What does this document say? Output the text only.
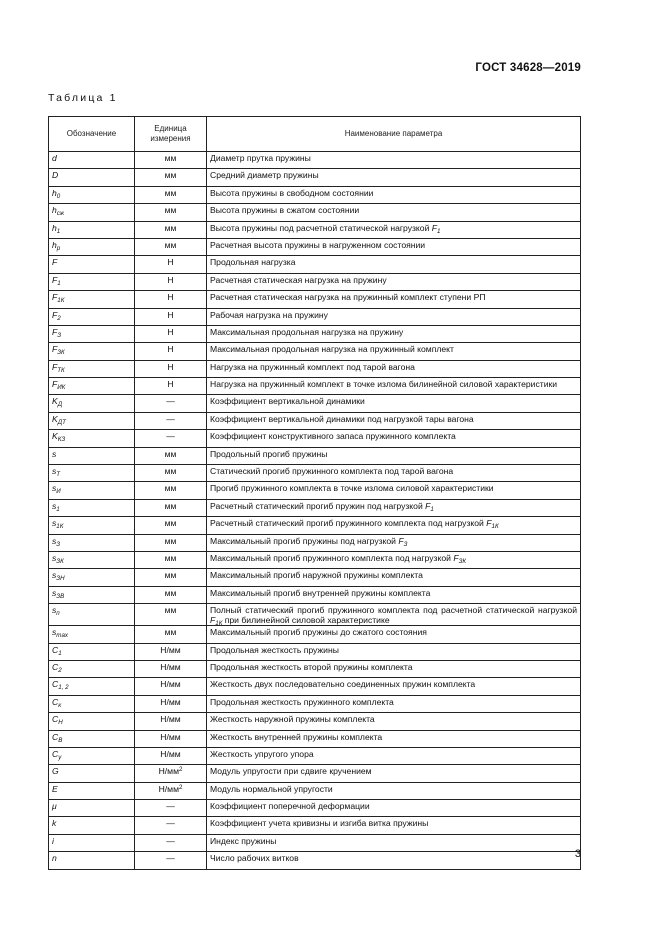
ГОСТ 34628—2019
Таблица 1
Обозначение	Единица измерения	Наименование параметра
d	мм	Диаметр прутка пружины
D	мм	Средний диаметр пружины
$h_0$	мм	Высота пружины в свободном состоянии
$h_{сж}$	мм	Высота пружины в сжатом состоянии
$h_1$	мм	Высота пружины под расчетной статической нагрузкой $F_1$
$h_р$	мм	Расчетная высота пружины в нагруженном состоянии
F	Н	Продольная нагрузка
$F_1$	Н	Расчетная статическая нагрузка на пружину
$F_{1К}$	Н	Расчетная статическая нагрузка на пружинный комплект ступени РП
$F_2$	Н	Рабочая нагрузка на пружину
$F_З$	Н	Максимальная продольная нагрузка на пружину
$F_{ЗК}$	Н	Максимальная продольная нагрузка на пружинный комплект
$F_{ТК}$	Н	Нагрузка на пружинный комплект под тарой вагона
$F_{ИК}$	Н	Нагрузка на пружинный комплект в точке излома билинейной силовой характеристики
$K_Д$	—	Коэффициент вертикальной динамики
$K_{ДТ}$	—	Коэффициент вертикальной динамики под нагрузкой тары вагона
$K_{КЗ}$	—	Коэффициент конструктивного запаса пружинного комплекта
s	мм	Продольный прогиб пружины
$s_Т$	мм	Статический прогиб пружинного комплекта под тарой вагона
$s_И$	мм	Прогиб пружинного комплекта в точке излома силовой характеристики
$s_1$	мм	Расчетный статический прогиб пружин под нагрузкой $F_1$
$s_{1К}$	мм	Расчетный статический прогиб пружинного комплекта под нагрузкой $F_{1К}$
$s_З$	мм	Максимальный прогиб пружины под нагрузкой $F_З$
$s_{ЗК}$	мм	Максимальный прогиб пружинного комплекта под нагрузкой $F_{ЗК}$
$s_{ЗН}$	мм	Максимальный прогиб наружной пружины комплекта
$s_{ЗВ}$	мм	Максимальный прогиб внутренней пружины комплекта
$s_п$	мм	Полный статический прогиб пружинного комплекта под расчетной статической нагрузкой $F_{1К}$ при билинейной силовой характеристике
$s_{max}$	мм	Максимальный прогиб пружины до сжатого состояния
$C_1$	Н/мм	Продольная жесткость пружины
$C_2$	Н/мм	Продольная жесткость второй пружины комплекта
$C_{1, 2}$	Н/мм	Жесткость двух последовательно соединенных пружин комплекта
$C_к$	Н/мм	Продольная жесткость пружинного комплекта
$C_Н$	Н/мм	Жесткость наружной пружины комплекта
$C_В$	Н/мм	Жесткость внутренней пружины комплекта
$C_у$	Н/мм	Жесткость упругого упора
G	$Н/мм^2$	Модуль упругости при сдвиге кручением
E	$Н/мм^2$	Модуль нормальной упругости
μ	—	Коэффициент поперечной деформации
k	—	Коэффициент учета кривизны и изгиба витка пружины
i	—	Индекс пружины
n	—	Число рабочих витков	3
